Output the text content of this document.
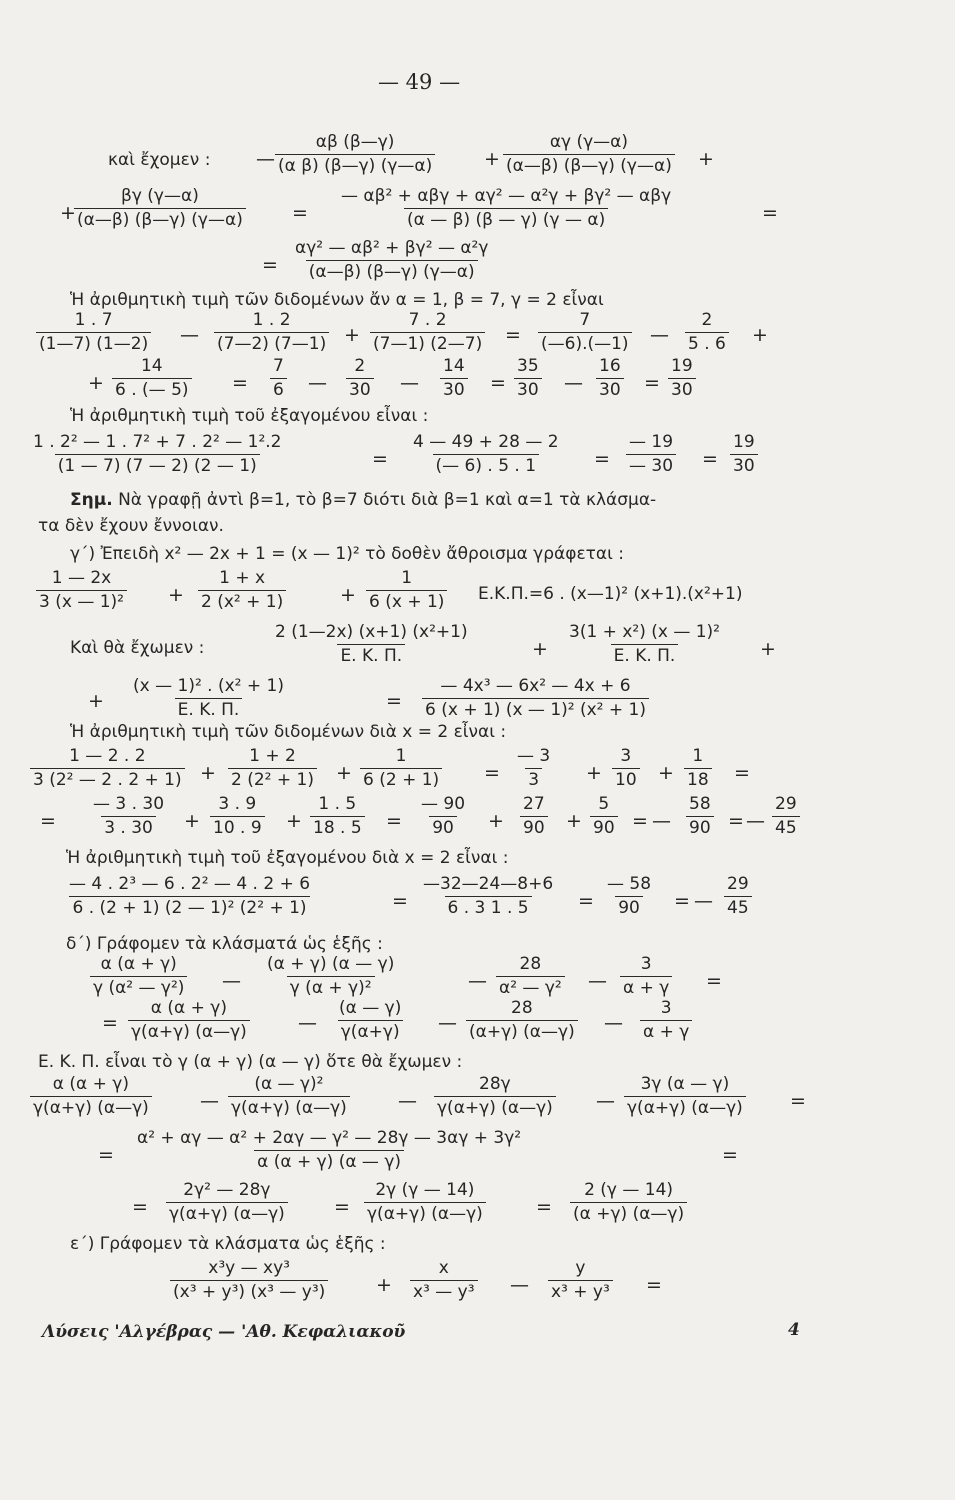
— 49 —
καὶ ἔχομεν : — $\frac{\alpha\beta (\beta—\gamma)}{\text{(α β) (β—γ) (γ—α)}}$	+ $\frac{\alpha\gamma (\gamma—\alpha)}{(\alpha—\beta) (\beta—\gamma) (\gamma—\alpha)}$ +
+
$\frac{\beta\gamma (\gamma—\alpha)}{(\alpha—\beta) (\beta—\gamma) (\gamma—\alpha)}$ =
— αβ² + αβγ + αγ² — α²γ + βγ² — αβγ
(α — β) (β — γ) (γ — α)	=
= $\frac{\text{αγ² — αβ² + βγ² — α²γ}}{(\alpha—\beta) (\beta—\gamma) (\gamma—\alpha)}$
Ἡ ἀριθμητικὴ τιμὴ τῶν διδομένων ἄν α = 1, β = 7, γ = 2 εἶναι
$\frac{1 . 7}{(1—7) (1—2)}$ — $\frac{1 . 2}{(7—2) (7—1)} + \frac{7 . 2}{(7—1) (2—7)} = \frac{7}{(—6).(—1)}$ — $\frac{2}{5 . 6}$ +
+ $\frac{14}{6 . (— 5)} = \frac{7}{6}$ — $\frac{2}{30}$ — $\frac{14}{30} = \frac{35}{30}$ — $\frac{16}{30} = \frac{19}{30}$
Ἡ ἀριθμητικὴ τιμὴ τοῦ ἐξαγομένου εἶναι :
$\frac{\text{1 . 2² — 1 . 7² + 7 . 2² — 1².2}}{(1 — 7) (7 — 2) (2 — 1)}$	= $\frac{4 — 49 + 28 — 2}{(— 6) . 5 . 1} = \frac{— 19}{— 30} = \frac{19}{30}$
Σημ. Νὰ γραφῇ ἀντὶ β=1, τὸ β=7 διότι διὰ β=1 καὶ α=1 τὰ κλάσμα-
τα δὲν ἔχουν ἔννοιαν.
γ΄) Ἐπειδὴ x² — 2x + 1 = (x — 1)² τὸ δοθὲν ἄθροισμα γράφεται :
$\frac{1 — 2x}{\text{3 (x — 1)²}} + \frac{1 + x}{\text{2 (x² + 1)}}$	+ $\frac{1}{6 (x + 1)} E.K.\Pi.=6$ . (x—1)² (x+1).(x²+1)
Καὶ θὰ ἔχωμεν :	$\frac{\text{2 (1—2x) (x+1) (x²+1)}}{E. K. \Pi.}$	+ $\frac{\text{3(1 + x²) (x — 1)²}}{E. K. \Pi.}$ +
+ $\frac{\text{(x — 1)² . (x² + 1)}}{E. K. \Pi.}$	= $\frac{\text{— 4x³ — 6x² — 4x + 6}}{\text{6 (x + 1) (x — 1)² (x² + 1)}}$
Ἡ ἀριθμητικὴ τιμὴ τῶν διδομένων διὰ x = 2 εἶναι :
$\frac{1 — 2 . 2}{\text{3 (2² — 2 . 2 + 1)}} + \frac{1 + 2}{\text{2 (2² + 1)}} + \frac{1}{6 (2 + 1)} = \frac{— 3}{3} + \frac{3}{10} + \frac{1}{18}$ =
= $\frac{— 3 . 30}{3 . 30} + \frac{3 . 9}{10 . 9} + \frac{1 . 5}{18 . 5} = \frac{— 90}{90} + \frac{27}{90} + \frac{5}{90}$ = — $\frac{58}{90}$ = — $\frac{29}{45}$
Ἡ ἀριθμητικὴ τιμὴ τοῦ ἐξαγομένου διὰ x = 2 εἶναι :
$\frac{\text{— 4 . 2³ — 6 . 2² — 4 . 2 + 6}}{\text{6 . (2 + 1) (2 — 1)² (2² + 1)}}$	= $\frac{—32—24—8+6}{6 . 3 1 . 5} = \frac{— 58}{90}$ = — $\frac{29}{45}$
δ΄) Γράφομεν τὰ κλάσματά ὡς ἑξῆς :
$\frac{\alpha (\alpha + \gamma)}{\text{γ (α² — γ²)}}$ — $\frac{(\alpha + \gamma) (\alpha — \gamma)}{\text{γ (α + γ)²}}$	— $\frac{28}{\text{α² — γ²}}$ — $\frac{3}{\alpha + \gamma}$ =
= $\frac{\alpha (\alpha + \gamma)}{\gamma(\alpha+\gamma) (\alpha—\gamma)}$	— $\frac{(\alpha — \gamma)}{\gamma(\alpha+\gamma)}$ — $\frac{28}{(\alpha+\gamma) (\alpha—\gamma)}$ — $\frac{3}{\alpha + \gamma}$
Ε. Κ. Π. εἶναι τὸ γ (α + γ) (α — γ) ὅτε θὰ ἔχωμεν :
$\frac{\alpha (\alpha + \gamma)}{\gamma(\alpha+\gamma) (\alpha—\gamma)}$	— $\frac{\text{(α — γ)²}}{\gamma(\alpha+\gamma) (\alpha—\gamma)}$	— $\frac{28\gamma}{\gamma(\alpha+\gamma) (\alpha—\gamma)}$ — $\frac{3\gamma (\alpha — \gamma)}{\gamma(\alpha+\gamma) (\alpha—\gamma)}$ =
= $\frac{\text{α² + αγ — α² + 2αγ — γ² — 28γ — 3αγ + 3γ²}}{\alpha (\alpha + \gamma) (\alpha — \gamma)}$	=
= $\frac{\text{2γ² — 28γ}}{\gamma(\alpha+\gamma) (\alpha—\gamma)} = \frac{2\gamma (\gamma — 14)}{\gamma(\alpha+\gamma) (\alpha—\gamma)}$	= $\frac{2 (\gamma — 14)}{(\alpha +\gamma) (\alpha—\gamma)}$
ε΄) Γράφομεν τὰ κλάσματα ὡς ἑξῆς :
$\frac{\text{x³y — xy³}}{\text{(x³ + y³) (x³ — y³)}}$	+ $\frac{x}{\text{x³ — y³}}$ — $\frac{y}{\text{x³ + y³}}$ =
Λύσεις 'Αλγέβρας — 'Αθ. Κεφαλιακοῦ	4
